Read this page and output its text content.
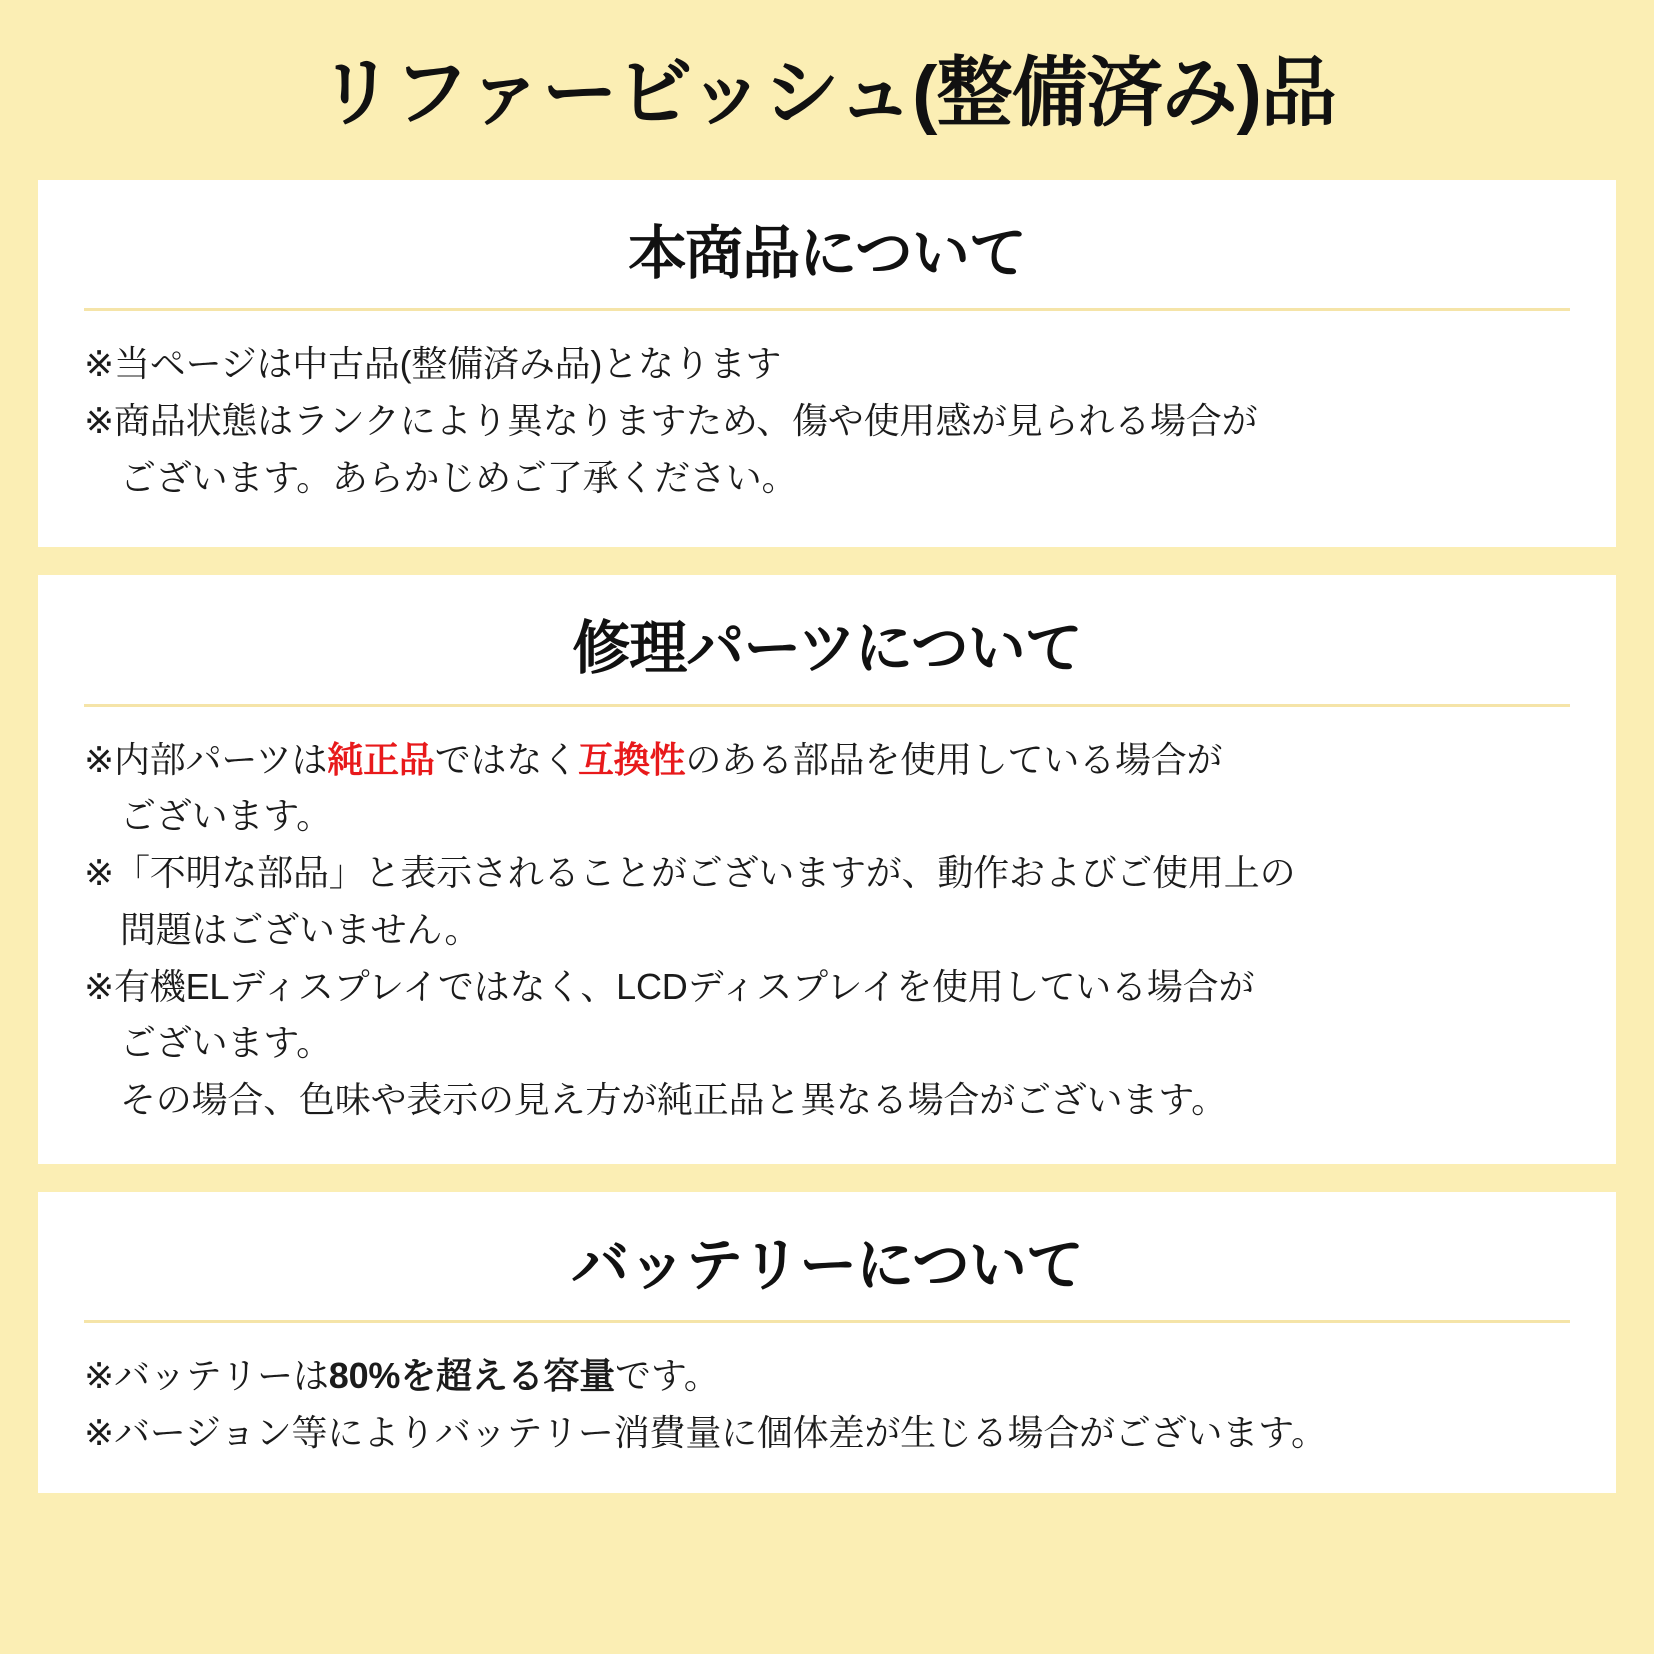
リファービッシュ(整備済み)品
本商品について
※当ページは中古品(整備済み品)となります
※商品状態はランクにより異なりますため、傷や使用感が見られる場合が
ございます。あらかじめご了承ください。
修理パーツについて
※内部パーツは純正品ではなく互換性のある部品を使用している場合が
ございます。
※「不明な部品」と表示されることがございますが、動作およびご使用上の
問題はございません。
※有機ELディスプレイではなく、LCDディスプレイを使用している場合が
ございます。
その場合、色味や表示の見え方が純正品と異なる場合がございます。
バッテリーについて
※バッテリーは80%を超える容量です。
※バージョン等によりバッテリー消費量に個体差が生じる場合がございます。
